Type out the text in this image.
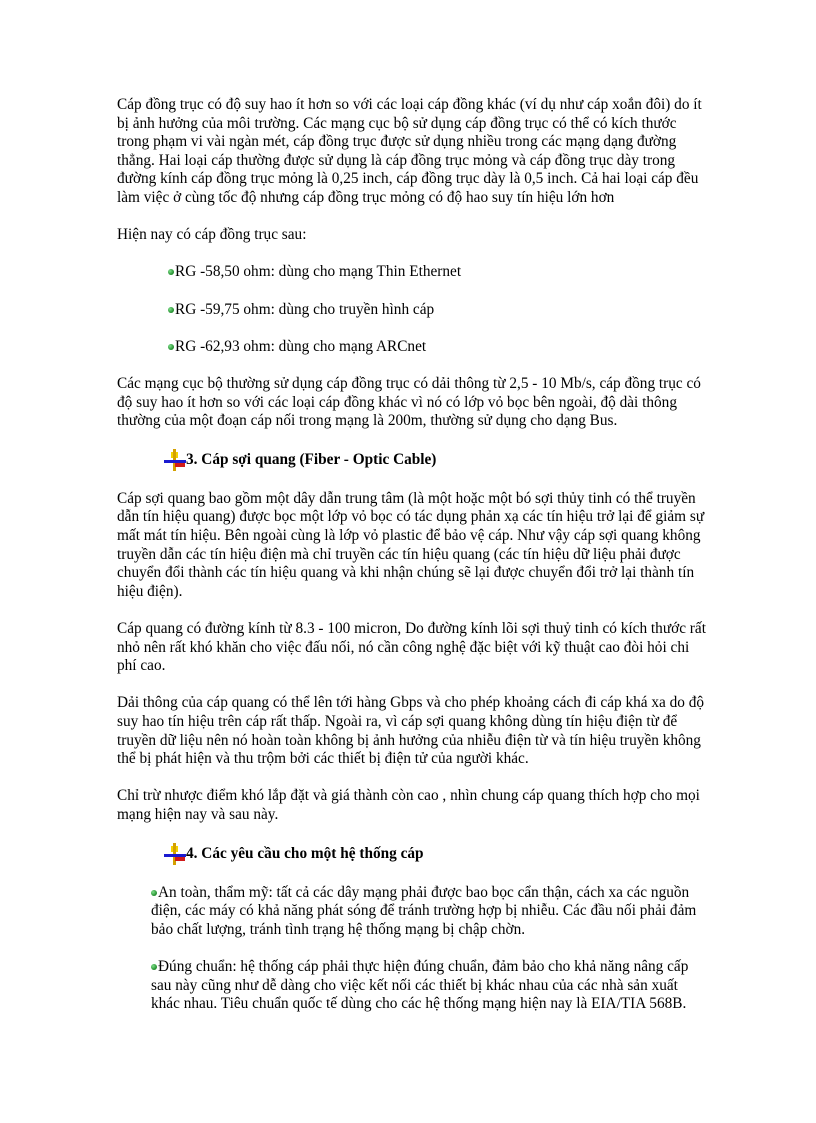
Cáp đồng trục có độ suy hao ít hơn so với các loại cáp đồng khác (ví dụ như cáp xoắn đôi) do ít bị ảnh hưởng của môi trường. Các mạng cục bộ sử dụng cáp đồng trục có thể có kích thước trong phạm vi vài ngàn mét, cáp đồng trục được sử dụng nhiều trong các mạng dạng đường thẳng. Hai loại cáp thường được sử dụng là cáp đồng trục mỏng và cáp đồng trục dày trong đường kính cáp đồng trục mỏng là 0,25 inch, cáp đồng trục dày là 0,5 inch. Cả hai loại cáp đều làm việc ở cùng tốc độ nhưng cáp đồng trục mỏng có độ hao suy tín hiệu lớn hơn

Hiện nay có cáp đồng trục sau:

RG -58,50 ohm: dùng cho mạng Thin Ethernet
RG -59,75 ohm: dùng cho truyền hình cáp
RG -62,93 ohm: dùng cho mạng ARCnet

Các mạng cục bộ thường sử dụng cáp đồng trục có dải thông từ 2,5 - 10 Mb/s, cáp đồng trục có độ suy hao ít hơn so với các loại cáp đồng khác vì nó có lớp vỏ bọc bên ngoài, độ dài thông thường của một đoạn cáp nối trong mạng là 200m, thường sử dụng cho dạng Bus.

3. Cáp sợi quang (Fiber - Optic Cable)

Cáp sợi quang bao gồm một dây dẫn trung tâm (là một hoặc một bó sợi thủy tinh có thể truyền dẫn tín hiệu quang) được bọc một lớp vỏ bọc có tác dụng phản xạ các tín hiệu trở lại để giảm sự mất mát tín hiệu. Bên ngoài cùng là lớp vỏ plastic để bảo vệ cáp. Như vậy cáp sợi quang không truyền dẫn các tín hiệu điện mà chỉ truyền các tín hiệu quang (các tín hiệu dữ liệu phải được chuyển đổi thành các tín hiệu quang và khi nhận chúng sẽ lại được chuyển đổi trở lại thành tín hiệu điện).

Cáp quang có đường kính từ 8.3 - 100 micron, Do đường kính lõi sợi thuỷ tinh có kích thước rất nhỏ nên rất khó khăn cho việc đấu nối, nó cần công nghệ đặc biệt với kỹ thuật cao đòi hỏi chi phí cao.

Dải thông của cáp quang có thể lên tới hàng Gbps và cho phép khoảng cách đi cáp khá xa do độ suy hao tín hiệu trên cáp rất thấp. Ngoài ra, vì cáp sợi quang không dùng tín hiệu điện từ để truyền dữ liệu nên nó hoàn toàn không bị ảnh hưởng của nhiễu điện từ và tín hiệu truyền không thể bị phát hiện và thu trộm bởi các thiết bị điện tử của người khác.

Chỉ trừ nhược điểm khó lắp đặt và giá thành còn cao , nhìn chung cáp quang thích hợp cho mọi mạng hiện nay và sau này.

4. Các yêu cầu cho một hệ thống cáp

An toàn, thẩm mỹ: tất cả các dây mạng phải được bao bọc cẩn thận, cách xa các nguồn điện, các máy có khả năng phát sóng để tránh trường hợp bị nhiễu. Các đầu nối phải đảm bảo chất lượng, tránh tình trạng hệ thống mạng bị chập chờn.

Đúng chuẩn: hệ thống cáp phải thực hiện đúng chuẩn, đảm bảo cho khả năng nâng cấp sau này cũng như dễ dàng cho việc kết nối các thiết bị khác nhau của các nhà sản xuất khác nhau. Tiêu chuẩn quốc tế dùng cho các hệ thống mạng hiện nay là EIA/TIA 568B.
